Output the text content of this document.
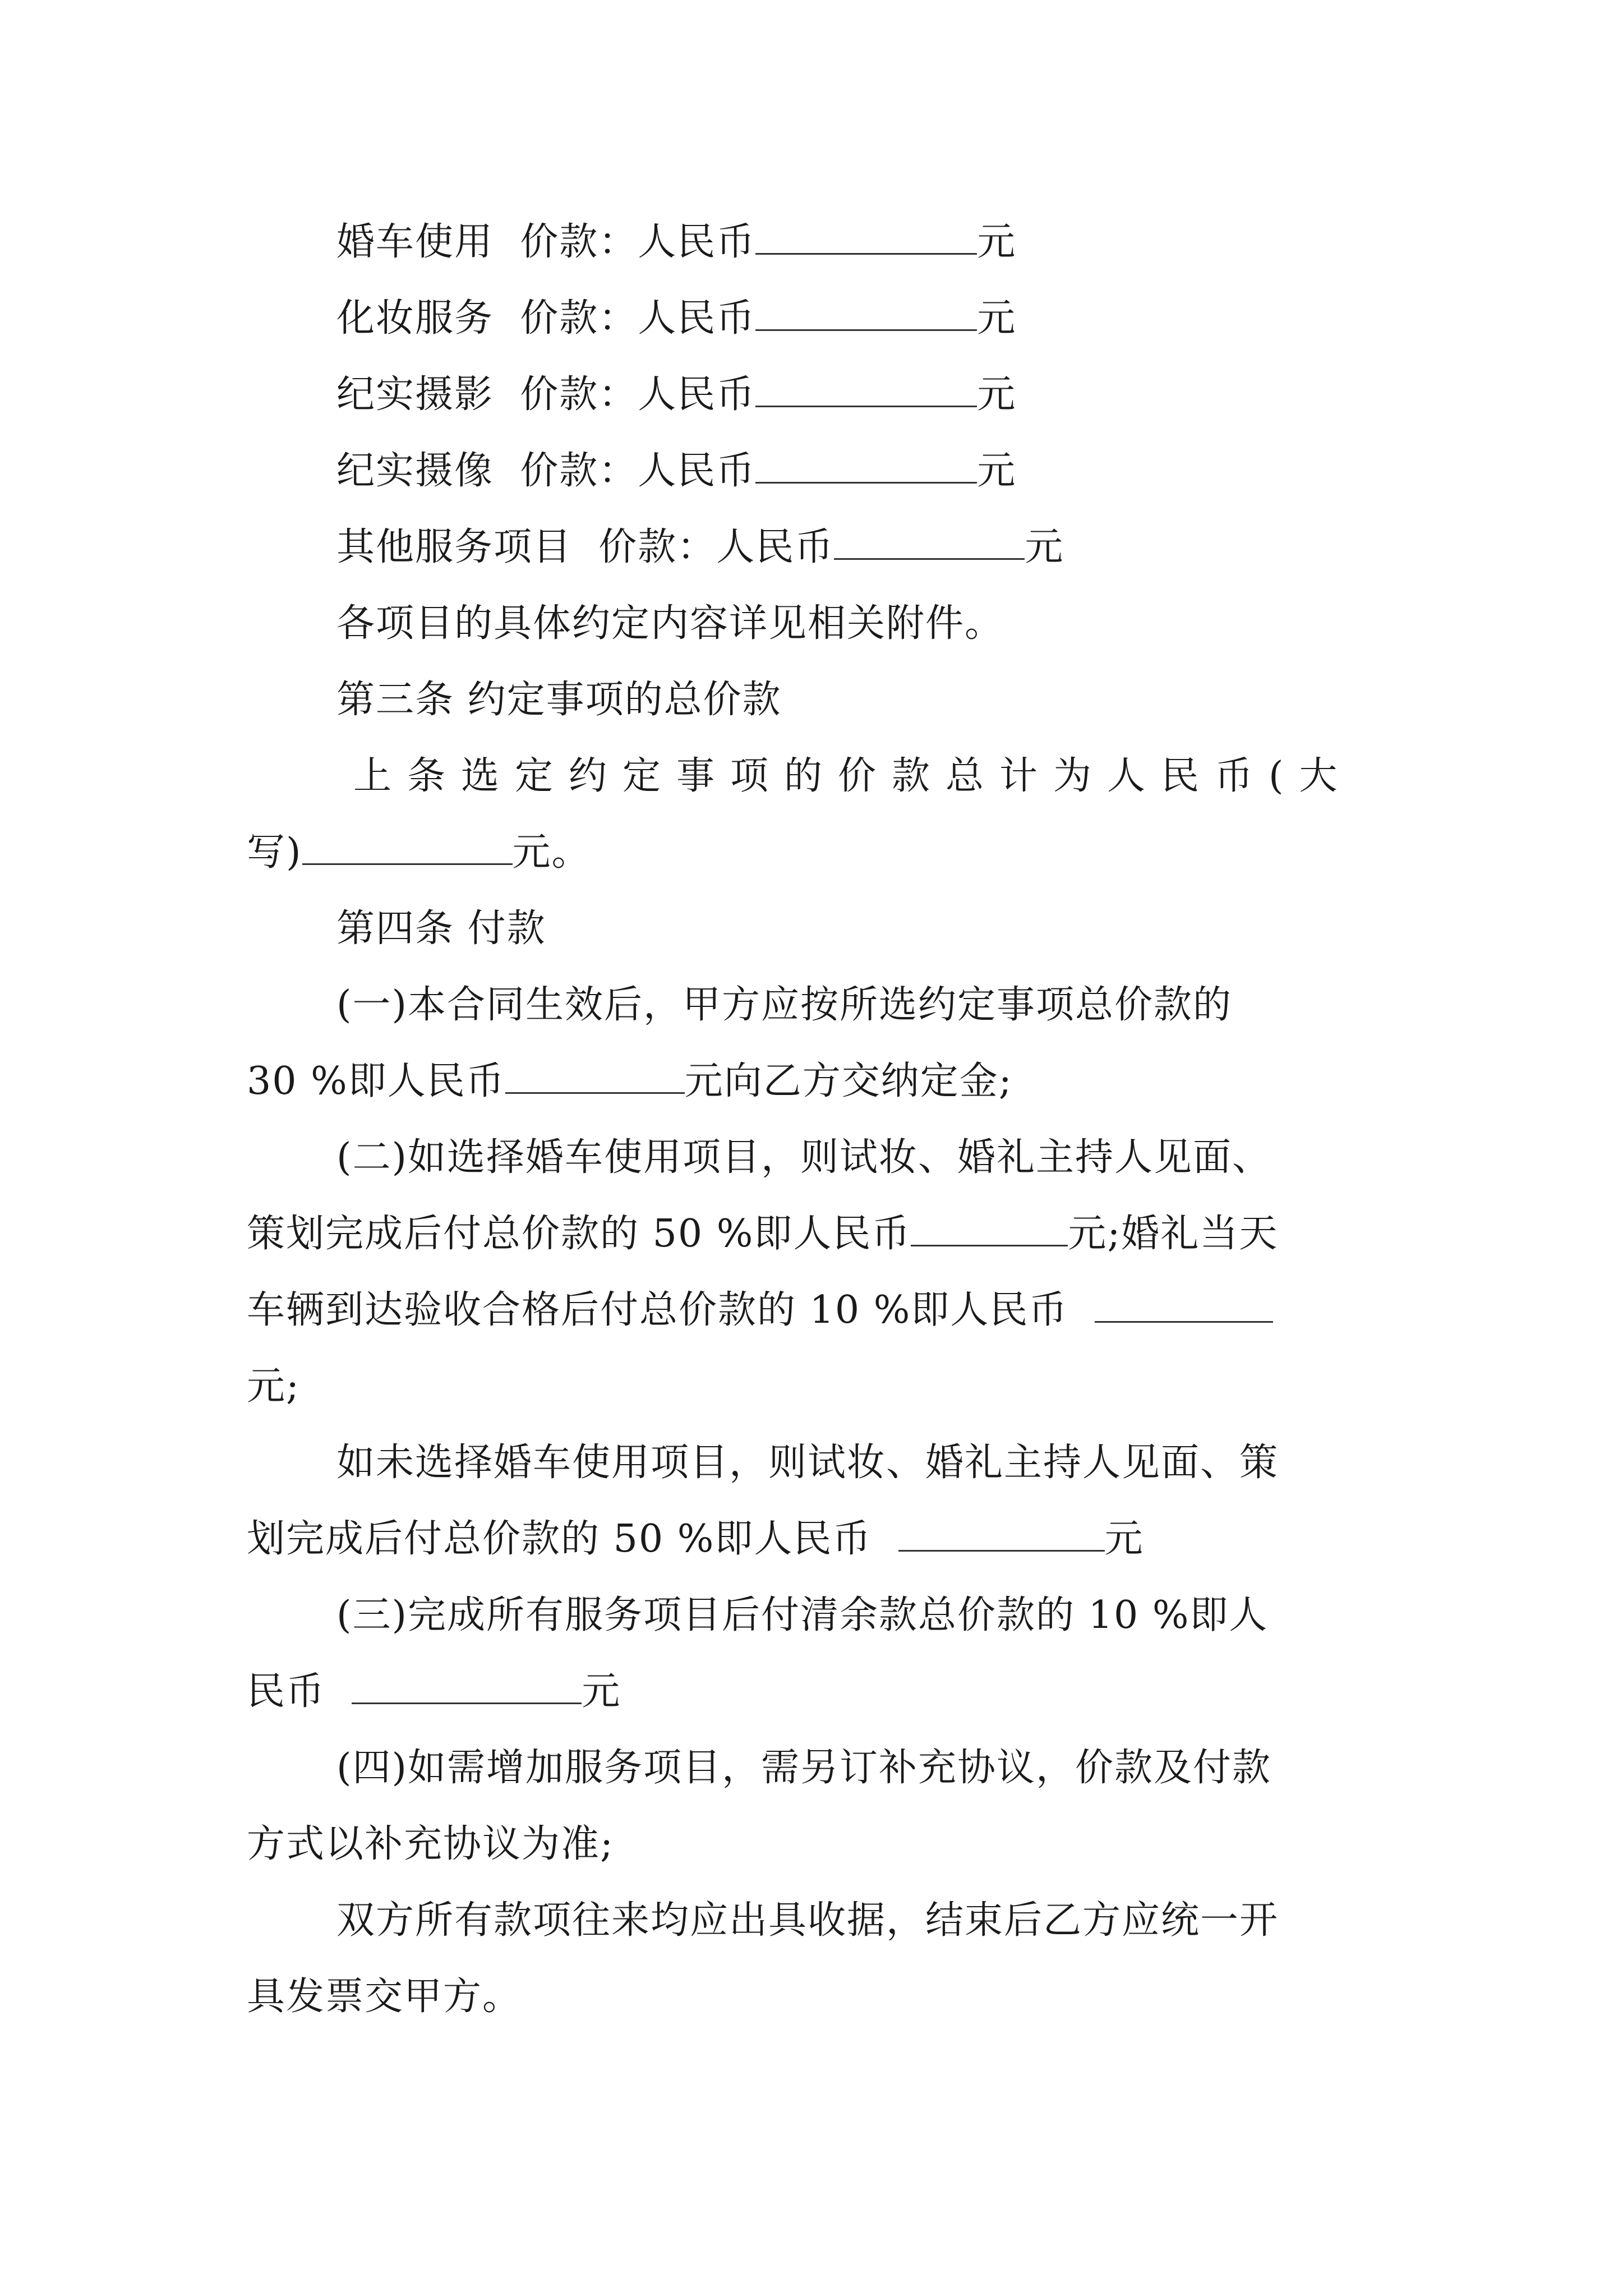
婚车使用 价款：人民币	元
化妆服务 价款：人民币	元
纪实摄影 价款：人民币	元
纪实摄像 价款：人民币	元
其他服务项目 价款：人民币	元
各项目的具体约定内容详见相关附件。
第三条 约定事项的总价款
上条选定约定事项的价款总计为人民币(大
写)	元。
第四条 付款
(一)本合同生效后，甲方应按所选约定事项总价款的
30 %即人民币	元向乙方交纳定金;
(二)如选择婚车使用项目，则试妆、婚礼主持人见面、
策划完成后付总价款的 50 %即人民币	元;婚礼当天
车辆到达验收合格后付总价款的 10 %即人民币
元;
如未选择婚车使用项目，则试妆、婚礼主持人见面、策
划完成后付总价款的 50 %即人民币	元
(三)完成所有服务项目后付清余款总价款的 10 %即人
民币	元
(四)如需增加服务项目，需另订补充协议，价款及付款
方式以补充协议为准;
双方所有款项往来均应出具收据，结束后乙方应统一开
具发票交甲方。
